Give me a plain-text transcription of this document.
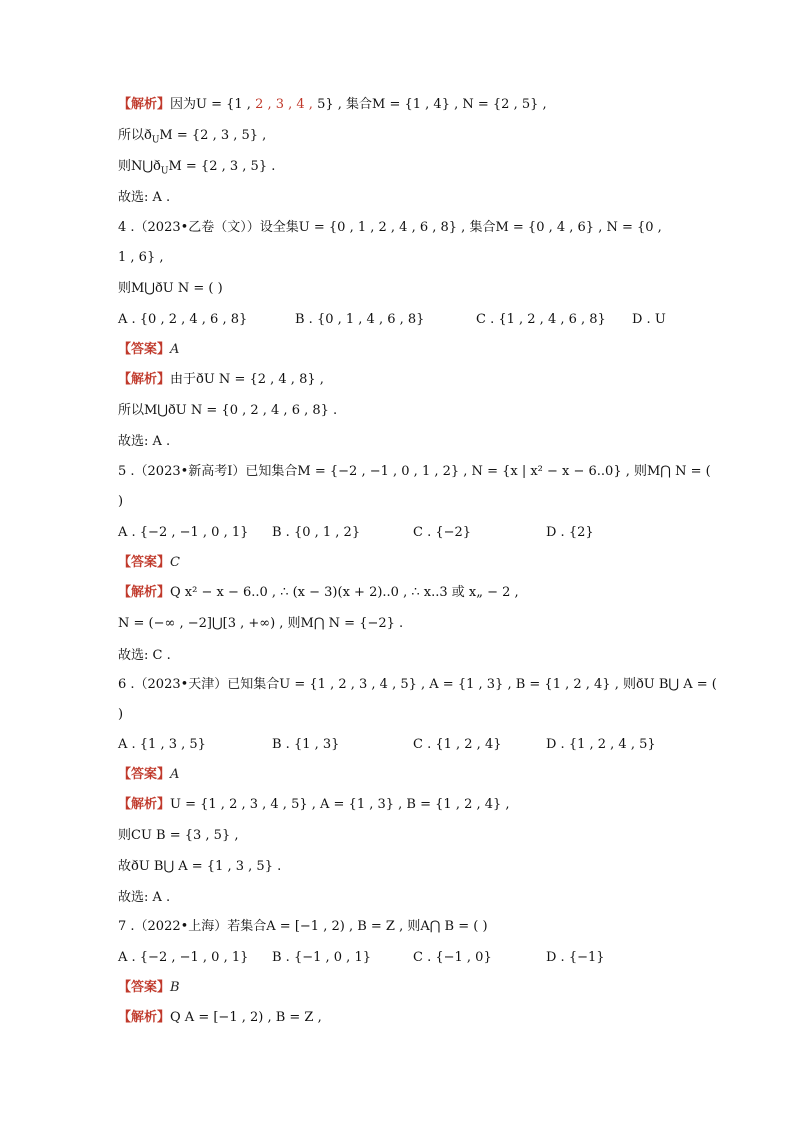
【解析】因为U = {1 , 2 , 3 , 4 , 5} , 集合M = {1 , 4} , N = {2 , 5} ,
所以$ð_UM = \{2$ , 3 , 5} ,
则$N⋃ð_UM = \{2$ , 3 , 5} .
故选: A .
4 .（2023•乙卷（文））设全集U = {0 , 1 , 2 , 4 , 6 , 8} , 集合M = {0 , 4 , 6} , N = {0 ,
1 , 6} ,
则M⋃ðU N = ( )
A . {0 , 2 , 4 , 6 , 8}	B . {0 , 1 , 4 , 6 , 8}	C . {1 , 2 , 4 , 6 , 8} D . U
【答案】A
【解析】由于ðU N = {2 , 4 , 8} ,
所以M⋃ðU N = {0 , 2 , 4 , 6 , 8} .
故选: A .
5 .（2023•新高考Ⅰ）已知集合M = {−2 , −1 , 0 , 1 , 2} , N = {x | x² − x − 6..0} , 则M⋂ N = (
)
A . {−2 , −1 , 0 , 1} B . {0 , 1 , 2}	C . {−2}	D . {2}
【答案】C
【解析】Q x² − x − 6..0 , ∴ (x − 3)(x + 2)..0 , ∴ x..3 或 x„ − 2 ,
N = (−∞ , −2]⋃[3 , +∞) , 则M⋂ N = {−2} .
故选: C .
6 .（2023•天津）已知集合U = {1 , 2 , 3 , 4 , 5} , A = {1 , 3} , B = {1 , 2 , 4} , 则ðU B⋃ A = (
)
A . {1 , 3 , 5}	B . {1 , 3}	C . {1 , 2 , 4}	D . {1 , 2 , 4 , 5}
【答案】A
【解析】U = {1 , 2 , 3 , 4 , 5} , A = {1 , 3} , B = {1 , 2 , 4} ,
则CU B = {3 , 5} ,
故ðU B⋃ A = {1 , 3 , 5} .
故选: A .
7 .（2022•上海）若集合A = [−1 , 2) , B = Z , 则A⋂ B = ( )
A . {−2 , −1 , 0 , 1} B . {−1 , 0 , 1}	C . {−1 , 0}	D . {−1}
【答案】B
【解析】Q A = [−1 , 2) , B = Z ,
